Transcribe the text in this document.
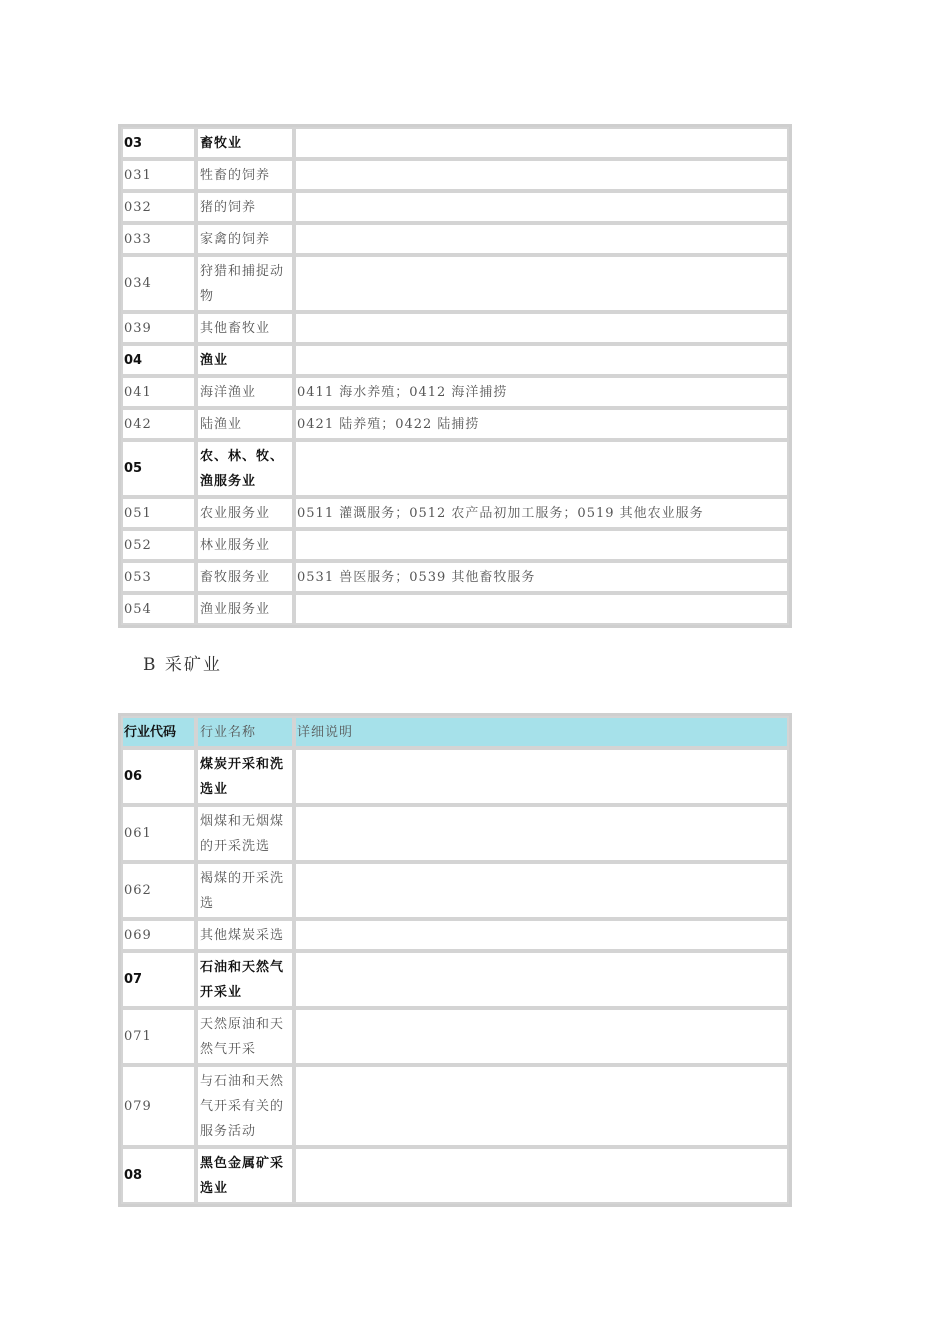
03	畜牧业	
031	牲畜的饲养	
032	猪的饲养	
033	家禽的饲养	
034	狩猎和捕捉动物	
039	其他畜牧业	
04	渔业	
041	海洋渔业	0411 海水养殖；0412 海洋捕捞
042	陆渔业	0421 陆养殖；0422 陆捕捞
05	农、林、牧、渔服务业	
051	农业服务业	0511 灌溉服务；0512 农产品初加工服务；0519 其他农业服务
052	林业服务业	
053	畜牧服务业	0531 兽医服务；0539 其他畜牧服务
054	渔业服务业	
B 采矿业
行业代码	行业名称	详细说明
06	煤炭开采和洗选业	
061	烟煤和无烟煤的开采洗选	
062	褐煤的开采洗选	
069	其他煤炭采选	
07	石油和天然气开采业	
071	天然原油和天然气开采	
079	与石油和天然气开采有关的服务活动	
08	黑色金属矿采选业	
